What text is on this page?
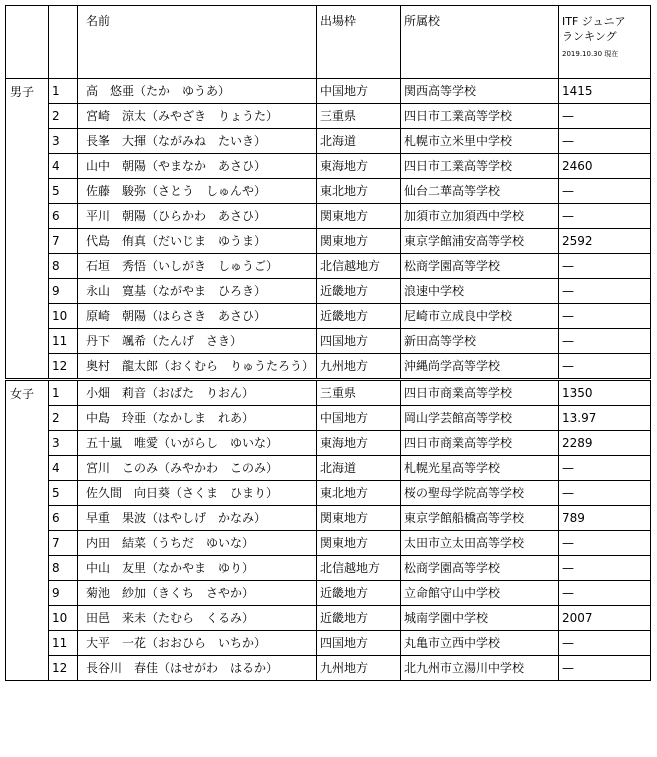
		名前	出場枠	所属校	ITF ジュニア
ランキング
2019.10.30 現在

男子	1	高　悠亜（たか　ゆうあ）	中国地方	関西高等学校	1415
	2	宮崎　涼太（みやざき　りょうた）	三重県	四日市工業高等学校	—
	3	長峯　大揮（ながみね　たいき）	北海道	札幌市立米里中学校	—
	4	山中　朝陽（やまなか　あさひ）	東海地方	四日市工業高等学校	2460
	5	佐藤　駿弥（さとう　しゅんや）	東北地方	仙台二華高等学校	—
	6	平川　朝陽（ひらかわ　あさひ）	関東地方	加須市立加須西中学校	—
	7	代島　侑真（だいじま　ゆうま）	関東地方	東京学館浦安高等学校	2592
	8	石垣　秀悟（いしがき　しゅうご）	北信越地方	松商学園高等学校	—
	9	永山　寛基（ながやま　ひろき）	近畿地方	浪速中学校	—
	10	原崎　朝陽（はらさき　あさひ）	近畿地方	尼崎市立成良中学校	—
	11	丹下　颯希（たんげ　さき）	四国地方	新田高等学校	—
	12	奥村　龍太郎（おくむら　りゅうたろう）	九州地方	沖縄尚学高等学校	—
女子	1	小畑　莉音（おばた　りおん）	三重県	四日市商業高等学校	1350
	2	中島　玲亜（なかしま　れあ）	中国地方	岡山学芸館高等学校	13.97
	3	五十嵐　唯愛（いがらし　ゆいな）	東海地方	四日市商業高等学校	2289
	4	宮川　このみ（みやかわ　このみ）	北海道	札幌光星高等学校	—
	5	佐久間　向日葵（さくま　ひまり）	東北地方	桜の聖母学院高等学校	—
	6	早重　果波（はやしげ　かなみ）	関東地方	東京学館船橋高等学校	789
	7	内田　結菜（うちだ　ゆいな）	関東地方	太田市立太田高等学校	—
	8	中山　友里（なかやま　ゆり）	北信越地方	松商学園高等学校	—
	9	菊池　紗加（きくち　さやか）	近畿地方	立命館守山中学校	—
	10	田邑　来未（たむら　くるみ）	近畿地方	城南学園中学校	2007
	11	大平　一花（おおひら　いちか）	四国地方	丸亀市立西中学校	—
	12	長谷川　春佳（はせがわ　はるか）	九州地方	北九州市立湯川中学校	—
